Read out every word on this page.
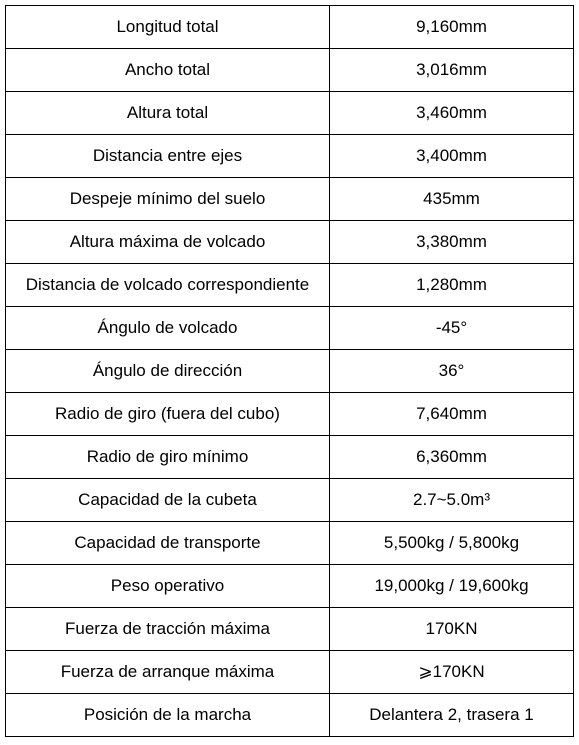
Longitud total	9,160mm
Ancho total	3,016mm
Altura total	3,460mm
Distancia entre ejes	3,400mm
Despeje mínimo del suelo	435mm
Altura máxima de volcado	3,380mm
Distancia de volcado correspondiente	1,280mm
Ángulo de volcado	-45°
Ángulo de dirección	36°
Radio de giro (fuera del cubo)	7,640mm
Radio de giro mínimo	6,360mm
Capacidad de la cubeta	2.7~5.0m³
Capacidad de transporte	5,500kg / 5,800kg
Peso operativo	19,000kg / 19,600kg
Fuerza de tracción máxima	170KN
Fuerza de arranque máxima	⩾170KN
Posición de la marcha	Delantera 2, trasera 1
